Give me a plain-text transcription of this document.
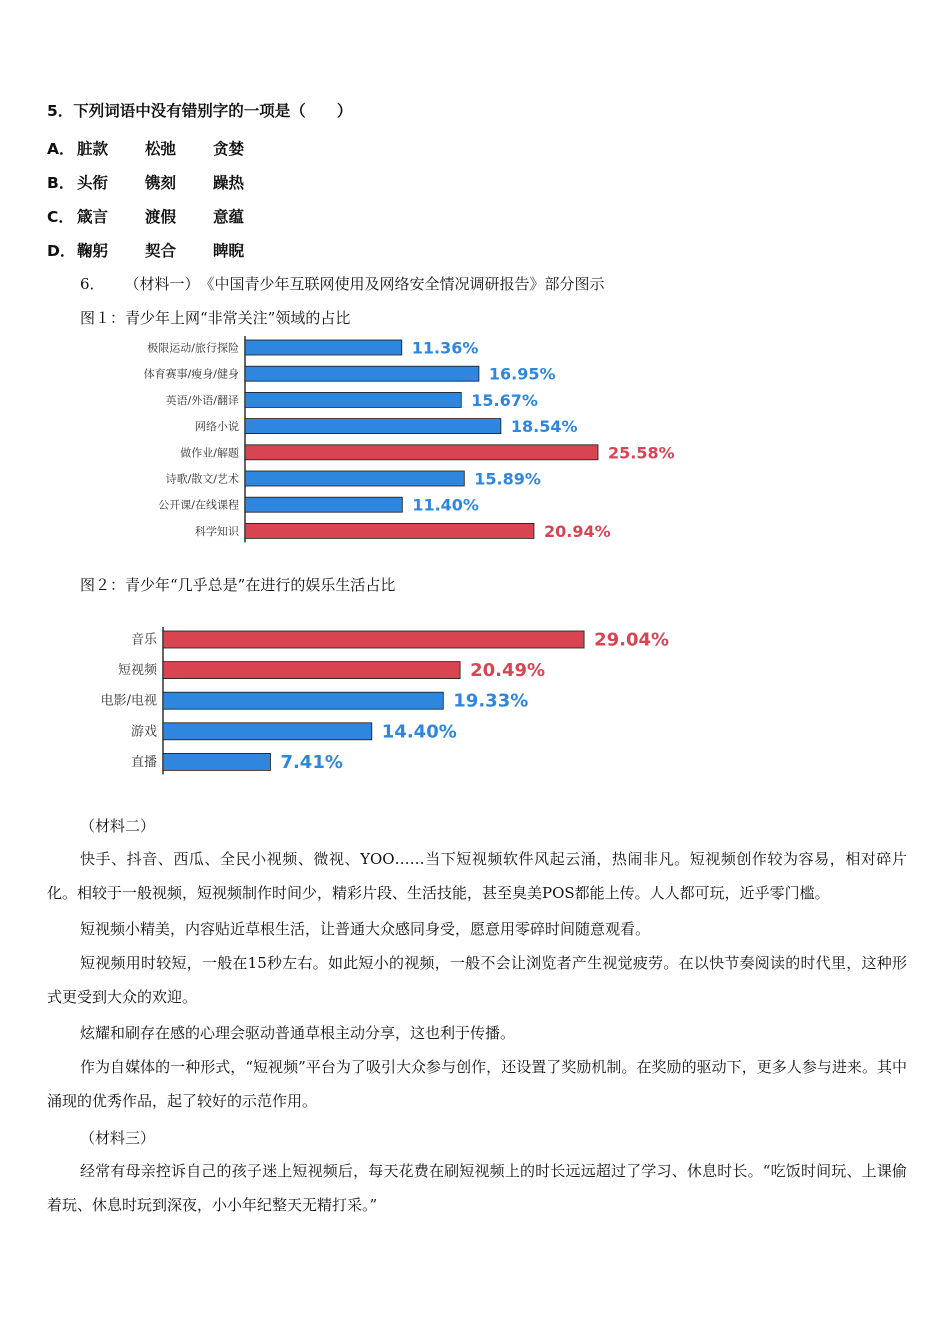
5．下列词语中没有错别字的一项是（　　）
A． 脏款 松弛 贪婪
B． 头衔 镌刻 躁热
C． 箴言 渡假 意蕴
D． 鞠躬 契合 睥睨
6． （材料一）　《中国青少年互联网使用及网络安全情况调研报告》部分图示
图１：青少年上网“非常关注”领域的占比
极限运动/旅行探险	11.36%
体育赛事/瘦身/健身	16.95%
英语/外语/翻译	15.67%
网络小说	18.54%
做作业/解题	25.58%
诗歌/散文/艺术	15.89%
公开课/在线课程	11.40%
科学知识	20.94%
图２：青少年“几乎总是”在进行的娱乐生活占比
音乐	29.04%
短视频	20.49%
电影/电视	19.33%
游戏	14.40%
直播	7.41%
（材料二）
快手、抖音、西瓜、全民小视频、微视、YOO……当下短视频软件风起云涌，热闹非凡。短视频创作较为容易，相对碎片化。相较于一般视频，短视频制作时间少，精彩片段、生活技能，甚至臭美POS都能上传。人人都可玩，近乎零门槛。
短视频小精美，内容贴近草根生活，让普通大众感同身受，愿意用零碎时间随意观看。
短视频用时较短，一般在15秒左右。如此短小的视频，一般不会让浏览者产生视觉疲劳。在以快节奏阅读的时代里，这种形式更受到大众的欢迎。
炫耀和刷存在感的心理会驱动普通草根主动分享，这也利于传播。
作为自媒体的一种形式，“短视频”平台为了吸引大众参与创作，还设置了奖励机制。在奖励的驱动下，更多人参与进来。其中涌现的优秀作品，起了较好的示范作用。
（材料三）
经常有母亲控诉自己的孩子迷上短视频后，每天花费在刷短视频上的时长远远超过了学习、休息时长。“吃饭时间玩、上课偷着玩、休息时玩到深夜，小小年纪整天无精打采。”
